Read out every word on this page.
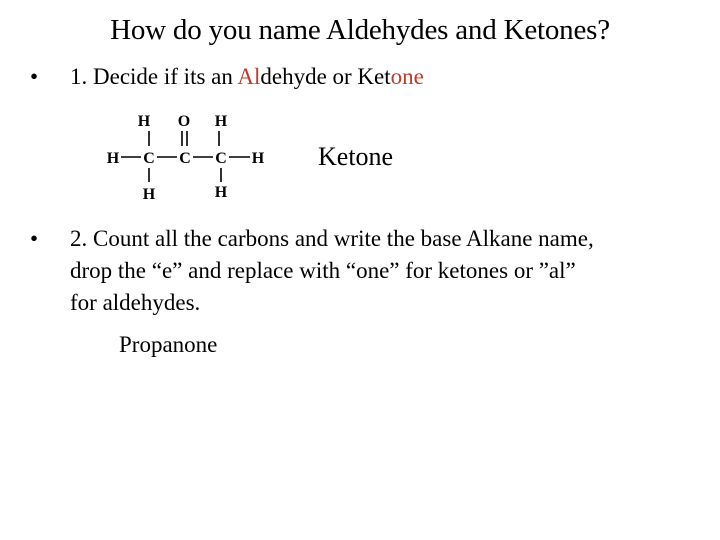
How do you name Aldehydes and Ketones?
• 1. Decide if its an Aldehyde or Ketone
H O H
H C C C H
H	H
Ketone
• 2. Count all the carbons and write the base Alkane name,
drop the “e” and replace with “one” for ketones or ”al”
for aldehydes.
Propanone
